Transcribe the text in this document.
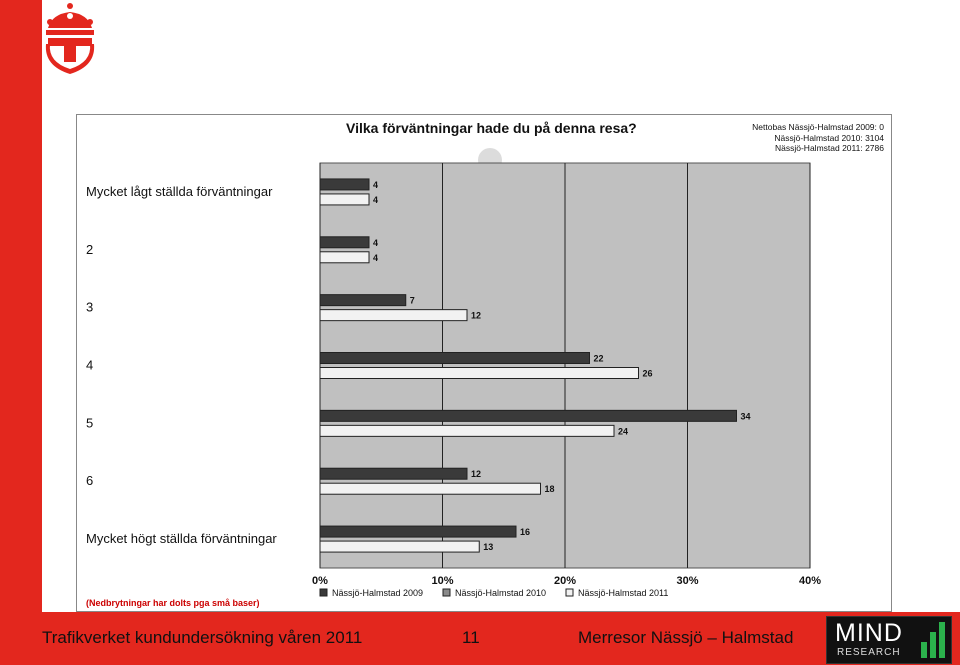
Vilka förväntningar hade du på denna resa?	Nettobas Nässjö-Halmstad 2009: 0
Nässjö-Halmstad 2010: 3104
Nässjö-Halmstad 2011: 2786
0%	10%	20%	30%	40%
Mycket lågt ställda förväntningar	4
4
2	4
4
3	7
12
4	22
26
5	34
24
6	12
18
Mycket högt ställda förväntningar	16
13
Nässjö-Halmstad 2009	Nässjö-Halmstad 2010	Nässjö-Halmstad 2011
(Nedbrytningar har dolts pga små baser)
Trafikverket kundundersökning våren 2011	11	Merresor Nässjö – Halmstad MIND
RESEARCH
